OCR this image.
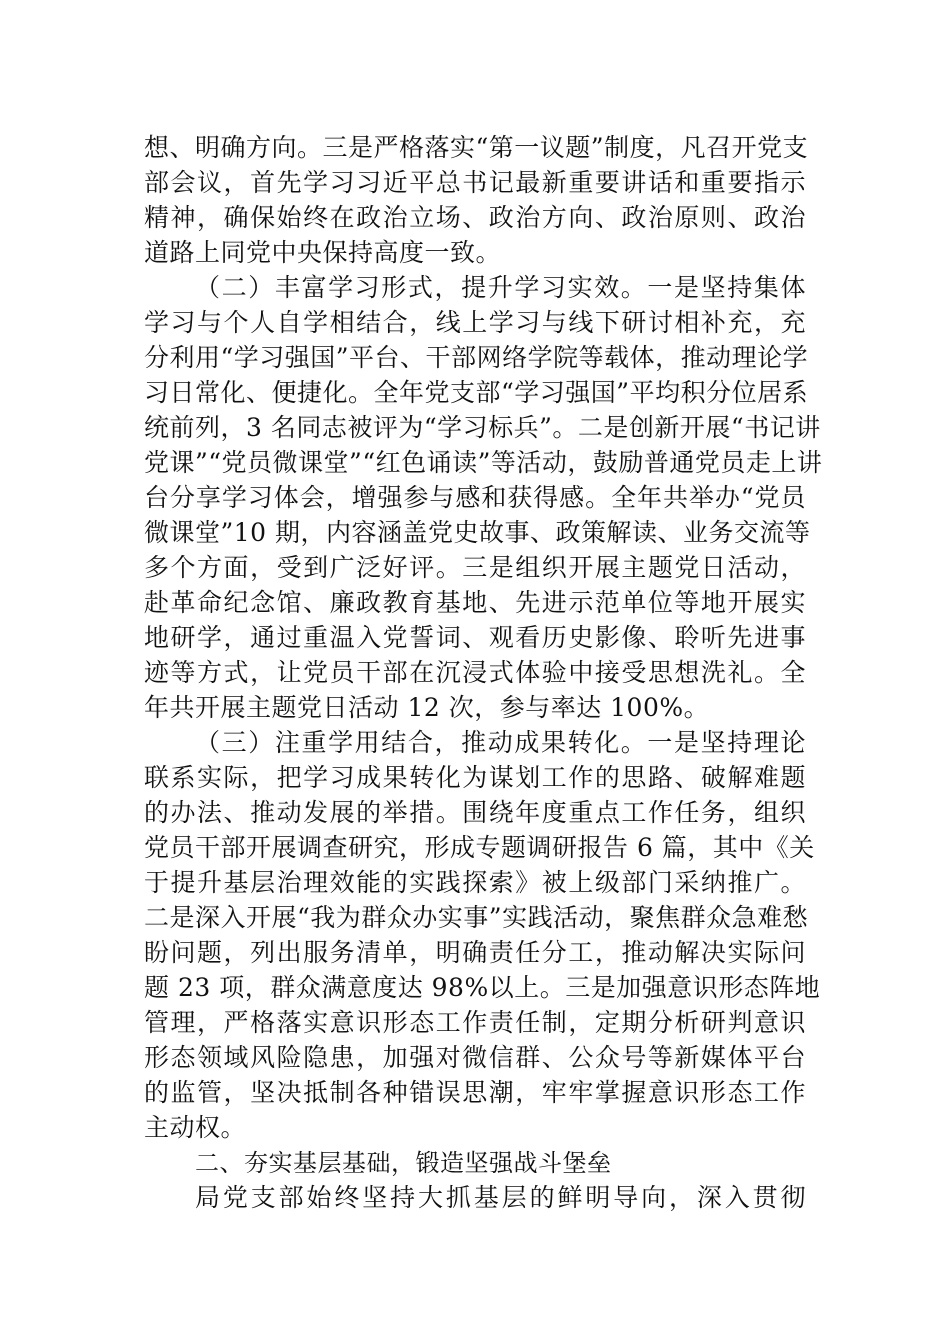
想、明确方向。三是严格落实“第一议题”制度，凡召开党支
部会议，首先学习习近平总书记最新重要讲话和重要指示
精神，确保始终在政治立场、政治方向、政治原则、政治
道路上同党中央保持高度一致。
（二）丰富学习形式，提升学习实效。一是坚持集体
学习与个人自学相结合，线上学习与线下研讨相补充，充
分利用“学习强国”平台、干部网络学院等载体，推动理论学
习日常化、便捷化。全年党支部“学习强国”平均积分位居系
统前列，3 名同志被评为“学习标兵”。二是创新开展“书记讲
党课”“党员微课堂”“红色诵读”等活动，鼓励普通党员走上讲
台分享学习体会，增强参与感和获得感。全年共举办“党员
微课堂”10 期，内容涵盖党史故事、政策解读、业务交流等
多个方面，受到广泛好评。三是组织开展主题党日活动，
赴革命纪念馆、廉政教育基地、先进示范单位等地开展实
地研学，通过重温入党誓词、观看历史影像、聆听先进事
迹等方式，让党员干部在沉浸式体验中接受思想洗礼。全
年共开展主题党日活动 12 次，参与率达 100%。
（三）注重学用结合，推动成果转化。一是坚持理论
联系实际，把学习成果转化为谋划工作的思路、破解难题
的办法、推动发展的举措。围绕年度重点工作任务，组织
党员干部开展调查研究，形成专题调研报告 6 篇，其中《关
于提升基层治理效能的实践探索》被上级部门采纳推广。
二是深入开展“我为群众办实事”实践活动，聚焦群众急难愁
盼问题，列出服务清单，明确责任分工，推动解决实际问
题 23 项，群众满意度达 98%以上。三是加强意识形态阵地
管理，严格落实意识形态工作责任制，定期分析研判意识
形态领域风险隐患，加强对微信群、公众号等新媒体平台
的监管，坚决抵制各种错误思潮，牢牢掌握意识形态工作
主动权。
二、夯实基层基础，锻造坚强战斗堡垒
局党支部始终坚持大抓基层的鲜明导向，深入贯彻
